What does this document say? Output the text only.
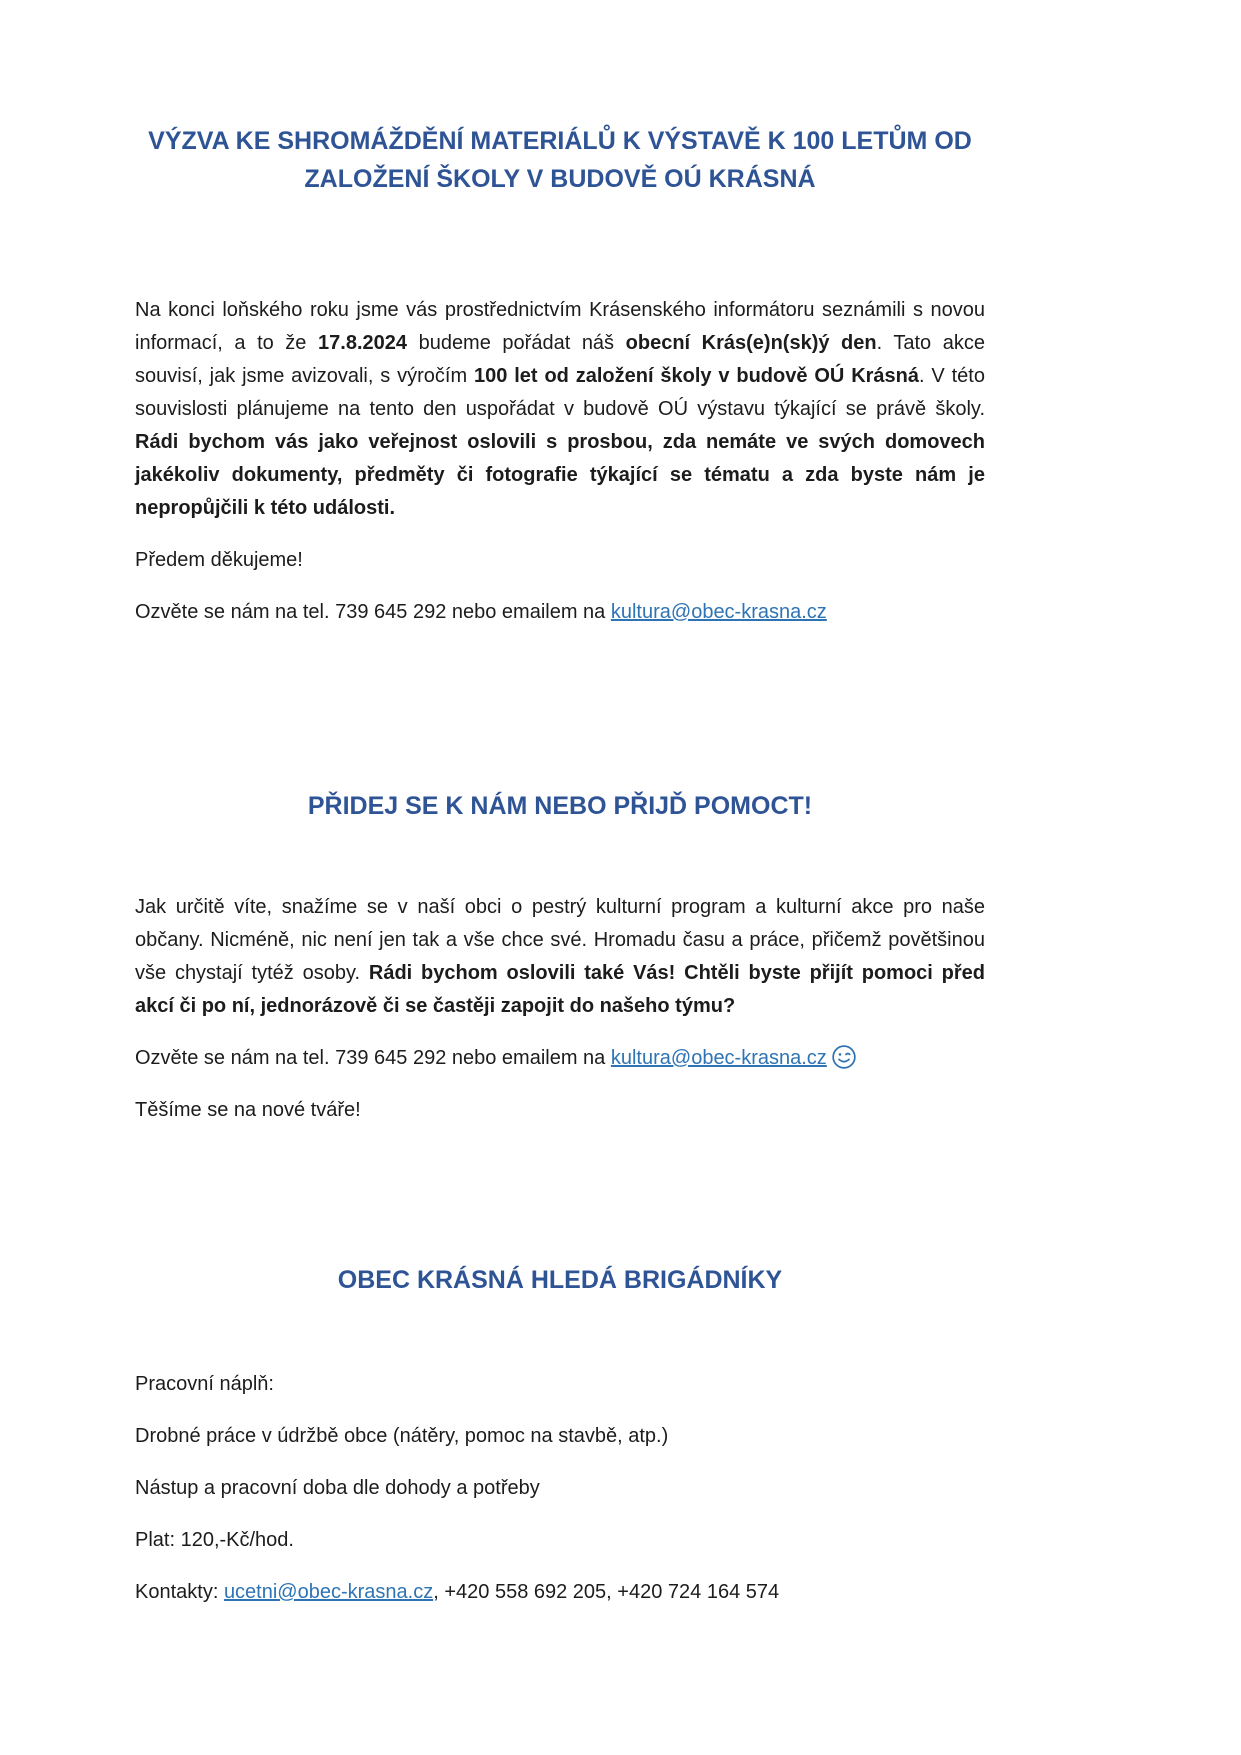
VÝZVA KE SHROMÁŽDĚNÍ MATERIÁLŮ K VÝSTAVĚ K 100 LETŮM OD
ZALOŽENÍ ŠKOLY V BUDOVĚ OÚ KRÁSNÁ

Na konci loňského roku jsme vás prostřednictvím Krásenského informátoru seznámili s novou informací, a to že 17.8.2024 budeme pořádat náš obecní Krás(e)n(sk)ý den. Tato akce souvisí, jak jsme avizovali, s výročím 100 let od založení školy v budově OÚ Krásná. V této souvislosti plánujeme na tento den uspořádat v budově OÚ výstavu týkající se právě školy. Rádi bychom vás jako veřejnost oslovili s prosbou, zda nemáte ve svých domovech jakékoliv dokumenty, předměty či fotografie týkající se tématu a zda byste nám je nepropůjčili k této události.

Předem děkujeme!

Ozvěte se nám na tel. 739 645 292 nebo emailem na kultura@obec-krasna.cz

PŘIDEJ SE K NÁM NEBO PŘIJĎ POMOCT!

Jak určitě víte, snažíme se v naší obci o pestrý kulturní program a kulturní akce pro naše občany. Nicméně, nic není jen tak a vše chce své. Hromadu času a práce, přičemž povětšinou vše chystají tytéž osoby. Rádi bychom oslovili také Vás! Chtěli byste přijít pomoci před akcí či po ní, jednorázově či se častěji zapojit do našeho týmu?

Ozvěte se nám na tel. 739 645 292 nebo emailem na kultura@obec-krasna.cz

Těšíme se na nové tváře!

OBEC KRÁSNÁ HLEDÁ BRIGÁDNÍKY

Pracovní náplň:

Drobné práce v údržbě obce (nátěry, pomoc na stavbě, atp.)

Nástup a pracovní doba dle dohody a potřeby

Plat: 120,-Kč/hod.

Kontakty: ucetni@obec-krasna.cz, +420 558 692 205, +420 724 164 574
